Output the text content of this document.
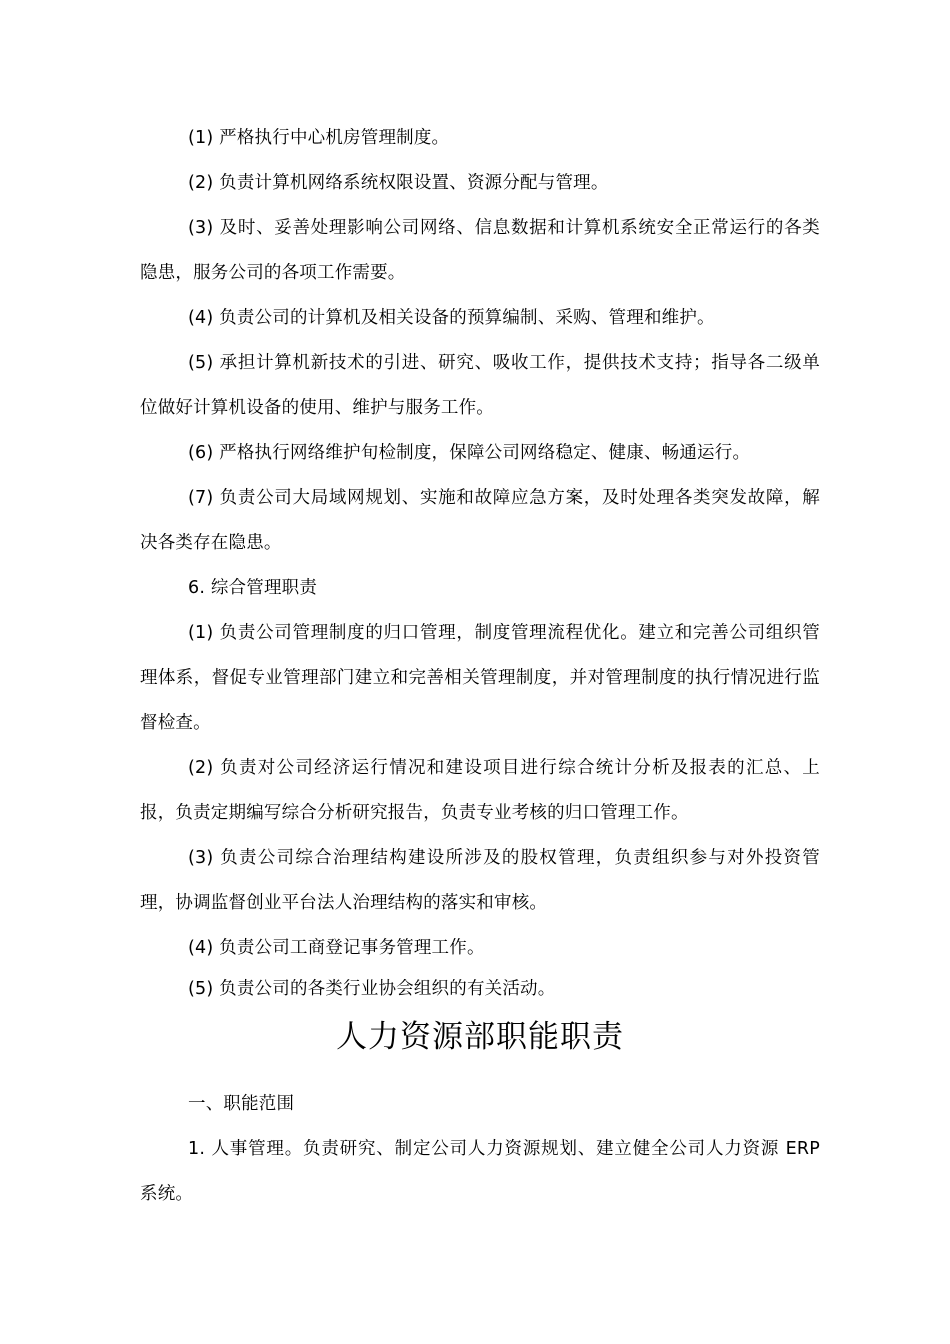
(1) 严格执行中心机房管理制度。

(2) 负责计算机网络系统权限设置、资源分配与管理。

(3) 及时、妥善处理影响公司网络、信息数据和计算机系统安全正常运行的各类隐患，服务公司的各项工作需要。

(4) 负责公司的计算机及相关设备的预算编制、采购、管理和维护。

(5) 承担计算机新技术的引进、研究、吸收工作，提供技术支持；指导各二级单位做好计算机设备的使用、维护与服务工作。

(6) 严格执行网络维护旬检制度，保障公司网络稳定、健康、畅通运行。

(7) 负责公司大局域网规划、实施和故障应急方案，及时处理各类突发故障，解决各类存在隐患。

6. 综合管理职责

(1) 负责公司管理制度的归口管理，制度管理流程优化。建立和完善公司组织管理体系，督促专业管理部门建立和完善相关管理制度，并对管理制度的执行情况进行监督检查。

(2) 负责对公司经济运行情况和建设项目进行综合统计分析及报表的汇总、上报，负责定期编写综合分析研究报告，负责专业考核的归口管理工作。

(3) 负责公司综合治理结构建设所涉及的股权管理，负责组织参与对外投资管理，协调监督创业平台法人治理结构的落实和审核。

(4) 负责公司工商登记事务管理工作。

(5) 负责公司的各类行业协会组织的有关活动。

人力资源部职能职责

一、职能范围

1. 人事管理。负责研究、制定公司人力资源规划、建立健全公司人力资源 ERP 系统。
